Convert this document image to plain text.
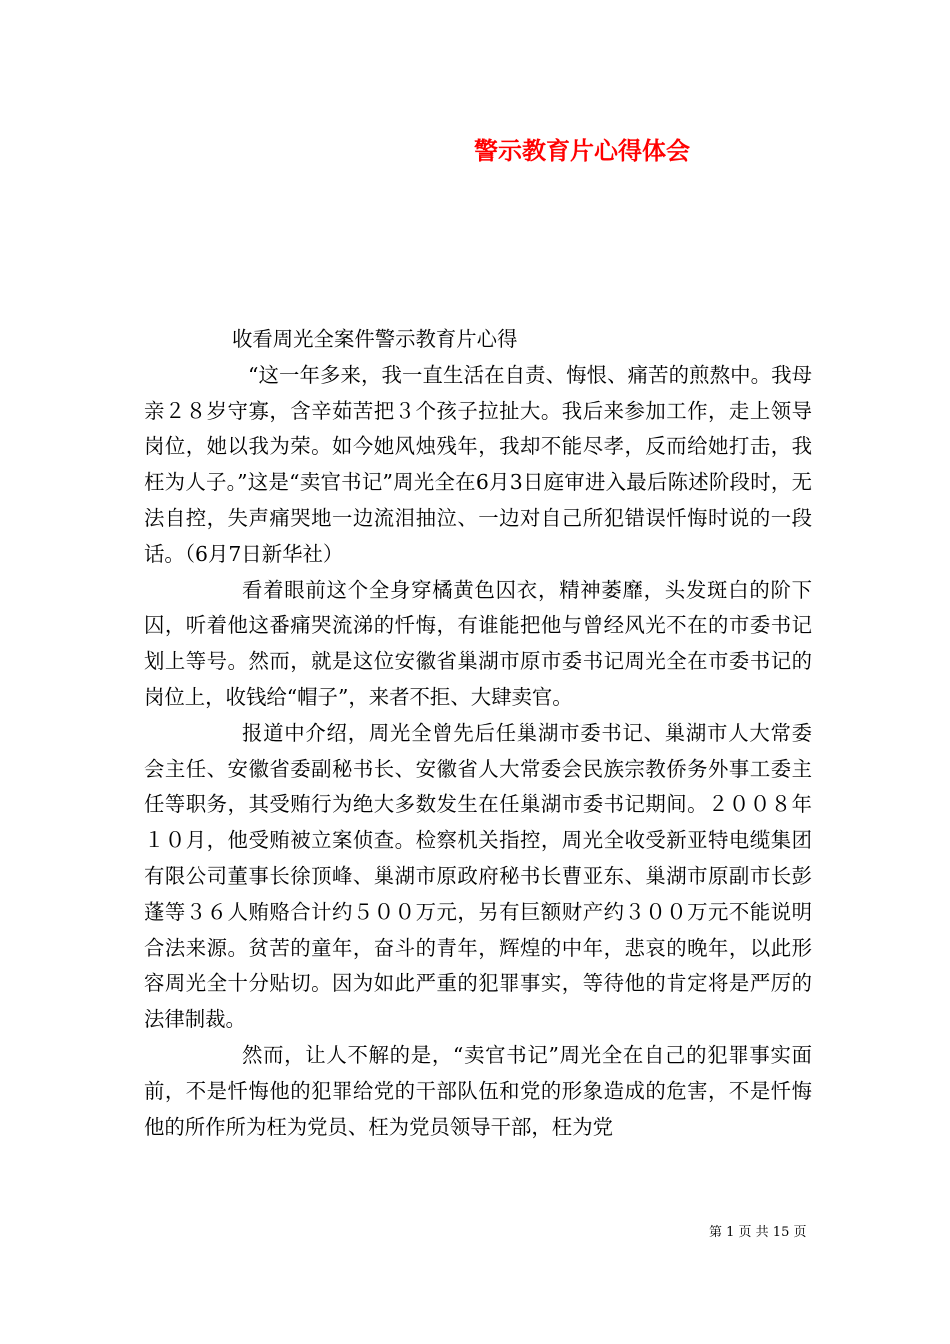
警示教育片心得体会

收看周光全案件警示教育片心得

“这一年多来，我一直生活在自责、悔恨、痛苦的煎熬中。我母亲２８岁守寡，含辛茹苦把３个孩子拉扯大。我后来参加工作，走上领导岗位，她以我为荣。如今她风烛残年，我却不能尽孝，反而给她打击，我枉为人子。”这是“卖官书记”周光全在6月3日庭审进入最后陈述阶段时，无法自控，失声痛哭地一边流泪抽泣、一边对自己所犯错误忏悔时说的一段话。（6月7日新华社）

看着眼前这个全身穿橘黄色囚衣，精神萎靡，头发斑白的阶下囚，听着他这番痛哭流涕的忏悔，有谁能把他与曾经风光不在的市委书记划上等号。然而，就是这位安徽省巢湖市原市委书记周光全在市委书记的岗位上，收钱给“帽子”，来者不拒、大肆卖官。

报道中介绍，周光全曾先后任巢湖市委书记、巢湖市人大常委会主任、安徽省委副秘书长、安徽省人大常委会民族宗教侨务外事工委主任等职务，其受贿行为绝大多数发生在任巢湖市委书记期间。２００８年１０月，他受贿被立案侦查。检察机关指控，周光全收受新亚特电缆集团有限公司董事长徐顶峰、巢湖市原政府秘书长曹亚东、巢湖市原副市长彭蓬等３６人贿赂合计约５００万元，另有巨额财产约３００万元不能说明合法来源。贫苦的童年，奋斗的青年，辉煌的中年，悲哀的晚年，以此形容周光全十分贴切。因为如此严重的犯罪事实，等待他的肯定将是严厉的法律制裁。

然而，让人不解的是，“卖官书记”周光全在自己的犯罪事实面前，不是忏悔他的犯罪给党的干部队伍和党的形象造成的危害，不是忏悔他的所作所为枉为党员、枉为党员领导干部，枉为党

第 1 页 共 15 页
